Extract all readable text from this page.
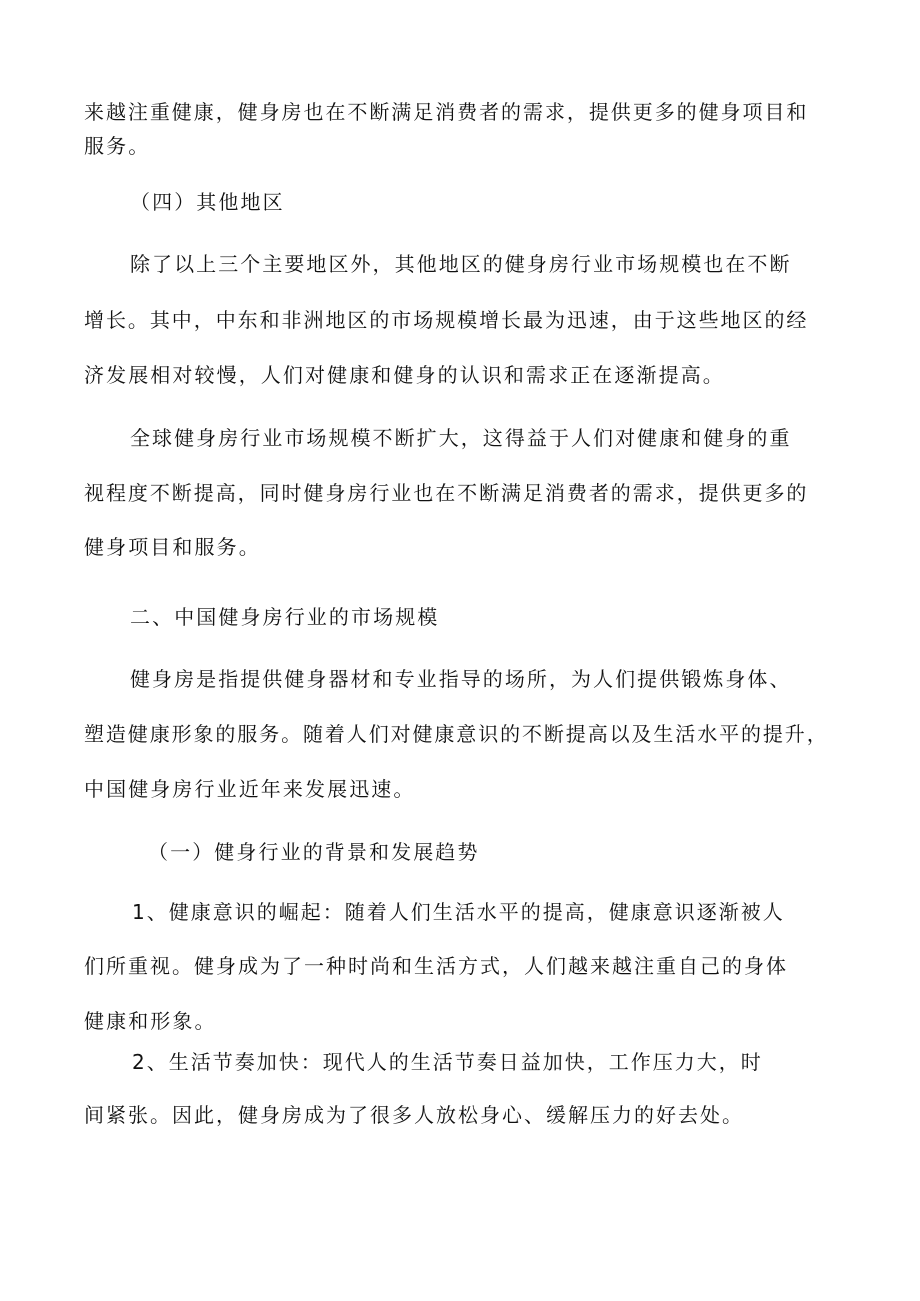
来越注重健康，健身房也在不断满足消费者的需求，提供更多的健身项目和
服务。
（四）其他地区
除了以上三个主要地区外，其他地区的健身房行业市场规模也在不断
增长。其中，中东和非洲地区的市场规模增长最为迅速，由于这些地区的经
济发展相对较慢，人们对健康和健身的认识和需求正在逐渐提高。
全球健身房行业市场规模不断扩大，这得益于人们对健康和健身的重
视程度不断提高，同时健身房行业也在不断满足消费者的需求，提供更多的
健身项目和服务。
二、中国健身房行业的市场规模
健身房是指提供健身器材和专业指导的场所，为人们提供锻炼身体、
塑造健康形象的服务。随着人们对健康意识的不断提高以及生活水平的提升，
中国健身房行业近年来发展迅速。
（一）健身行业的背景和发展趋势
1、健康意识的崛起：随着人们生活水平的提高，健康意识逐渐被人
们所重视。健身成为了一种时尚和生活方式，人们越来越注重自己的身体
健康和形象。
2、生活节奏加快：现代人的生活节奏日益加快，工作压力大，时
间紧张。因此，健身房成为了很多人放松身心、缓解压力的好去处。
